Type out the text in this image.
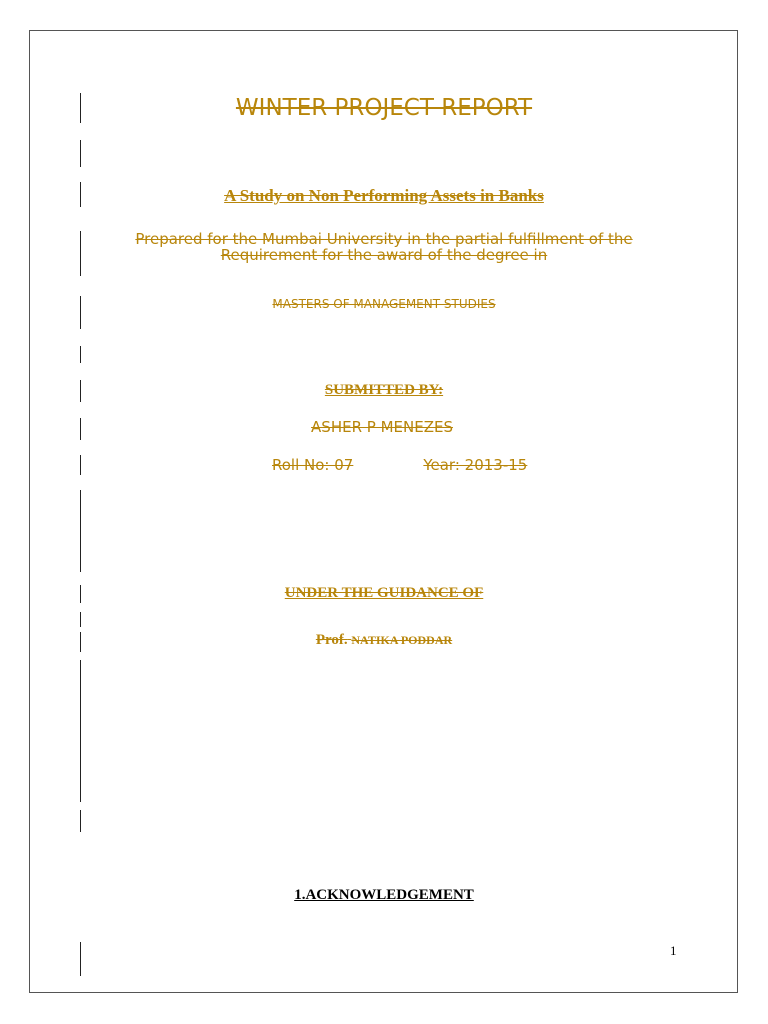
WINTER PROJECT REPORT
A Study on Non Performing Assets in Banks
Prepared for the Mumbai University in the partial fulfillment of the
Requirement for the award of the degree in
MASTERS OF MANAGEMENT STUDIES
SUBMITTED BY:
ASHER P MENEZES
Roll No: 07	Year: 2013-15
UNDER THE GUIDANCE OF
Prof. NATIKA PODDAR
1.ACKNOWLEDGEMENT
1
